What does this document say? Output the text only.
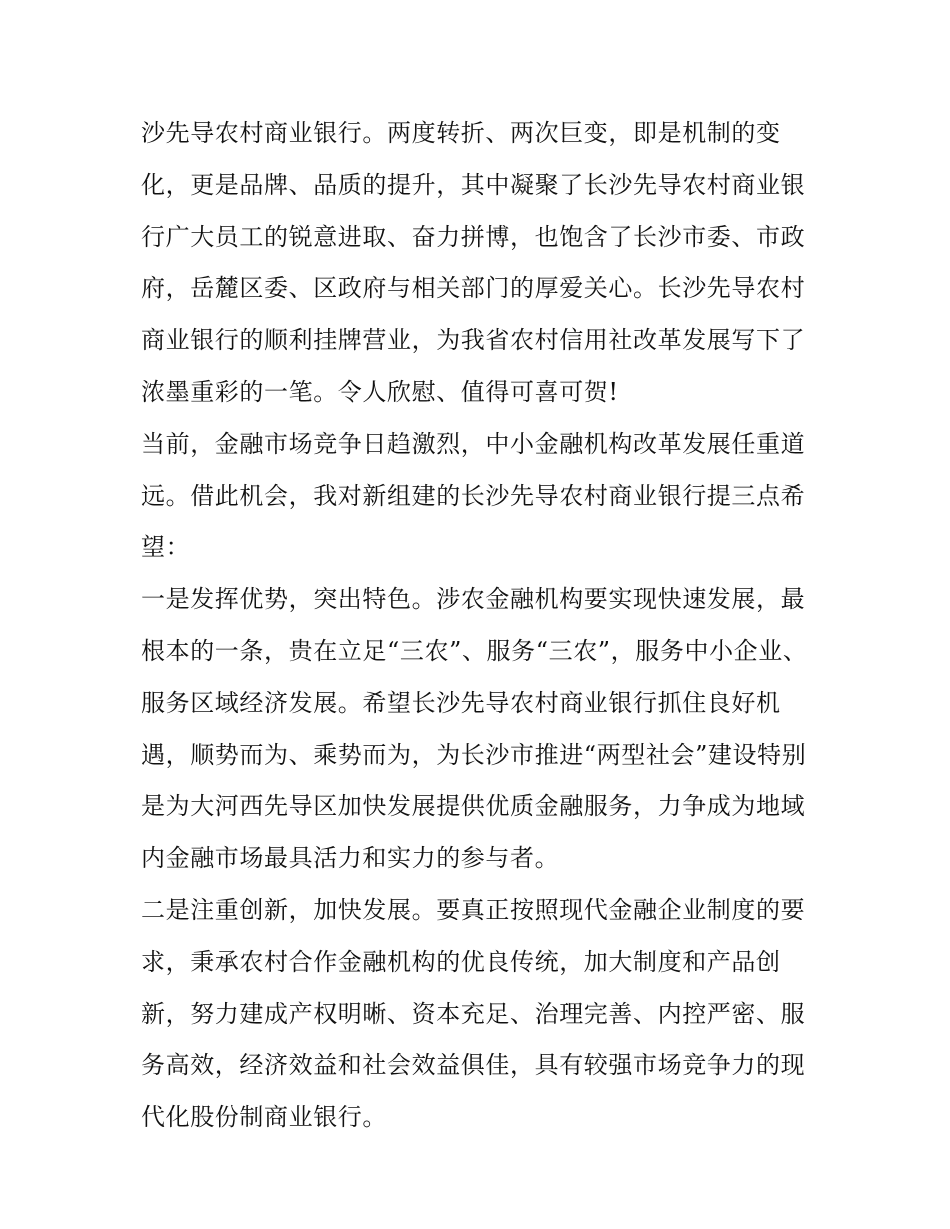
沙先导农村商业银行。两度转折、两次巨变，即是机制的变
化，更是品牌、品质的提升，其中凝聚了长沙先导农村商业银
行广大员工的锐意进取、奋力拼博，也饱含了长沙市委、市政
府，岳麓区委、区政府与相关部门的厚爱关心。长沙先导农村
商业银行的顺利挂牌营业，为我省农村信用社改革发展写下了
浓墨重彩的一笔。令人欣慰、值得可喜可贺!
当前，金融市场竞争日趋激烈，中小金融机构改革发展任重道
远。借此机会，我对新组建的长沙先导农村商业银行提三点希
望：
一是发挥优势，突出特色。涉农金融机构要实现快速发展，最
根本的一条，贵在立足“三农”、服务“三农”，服务中小企业、
服务区域经济发展。希望长沙先导农村商业银行抓住良好机
遇，顺势而为、乘势而为，为长沙市推进“两型社会”建设特别
是为大河西先导区加快发展提供优质金融服务，力争成为地域
内金融市场最具活力和实力的参与者。
二是注重创新，加快发展。要真正按照现代金融企业制度的要
求，秉承农村合作金融机构的优良传统，加大制度和产品创
新，努力建成产权明晰、资本充足、治理完善、内控严密、服
务高效，经济效益和社会效益俱佳，具有较强市场竞争力的现
代化股份制商业银行。
